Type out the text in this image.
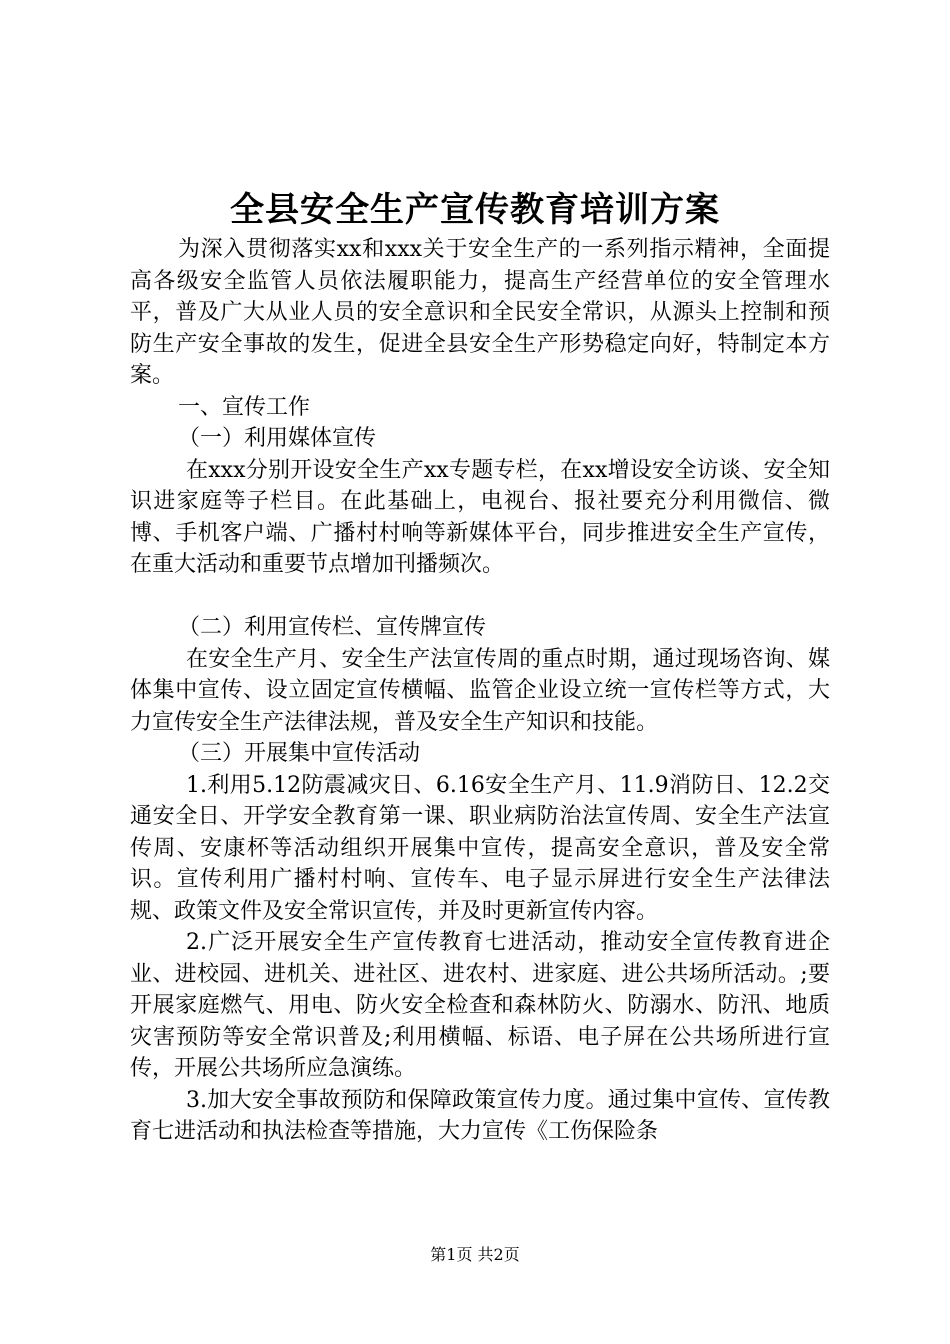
全县安全生产宣传教育培训方案

为深入贯彻落实xx和xxx关于安全生产的一系列指示精神，全面提高各级安全监管人员依法履职能力，提高生产经营单位的安全管理水平，普及广大从业人员的安全意识和全民安全常识，从源头上控制和预防生产安全事故的发生，促进全县安全生产形势稳定向好，特制定本方案。

一、宣传工作

（一）利用媒体宣传

在xxx分别开设安全生产xx专题专栏，在xx增设安全访谈、安全知识进家庭等子栏目。在此基础上，电视台、报社要充分利用微信、微博、手机客户端、广播村村响等新媒体平台，同步推进安全生产宣传，在重大活动和重要节点增加刊播频次。

（二）利用宣传栏、宣传牌宣传

在安全生产月、安全生产法宣传周的重点时期，通过现场咨询、媒体集中宣传、设立固定宣传横幅、监管企业设立统一宣传栏等方式，大力宣传安全生产法律法规，普及安全生产知识和技能。

（三）开展集中宣传活动

1.利用5.12防震减灾日、6.16安全生产月、11.9消防日、12.2交通安全日、开学安全教育第一课、职业病防治法宣传周、安全生产法宣传周、安康杯等活动组织开展集中宣传，提高安全意识，普及安全常识。宣传利用广播村村响、宣传车、电子显示屏进行安全生产法律法规、政策文件及安全常识宣传，并及时更新宣传内容。

2.广泛开展安全生产宣传教育七进活动，推动安全宣传教育进企业、进校园、进机关、进社区、进农村、进家庭、进公共场所活动。;要开展家庭燃气、用电、防火安全检查和森林防火、防溺水、防汛、地质灾害预防等安全常识普及;利用横幅、标语、电子屏在公共场所进行宣传，开展公共场所应急演练。

3.加大安全事故预防和保障政策宣传力度。通过集中宣传、宣传教育七进活动和执法检查等措施，大力宣传《工伤保险条

第1页 共2页
